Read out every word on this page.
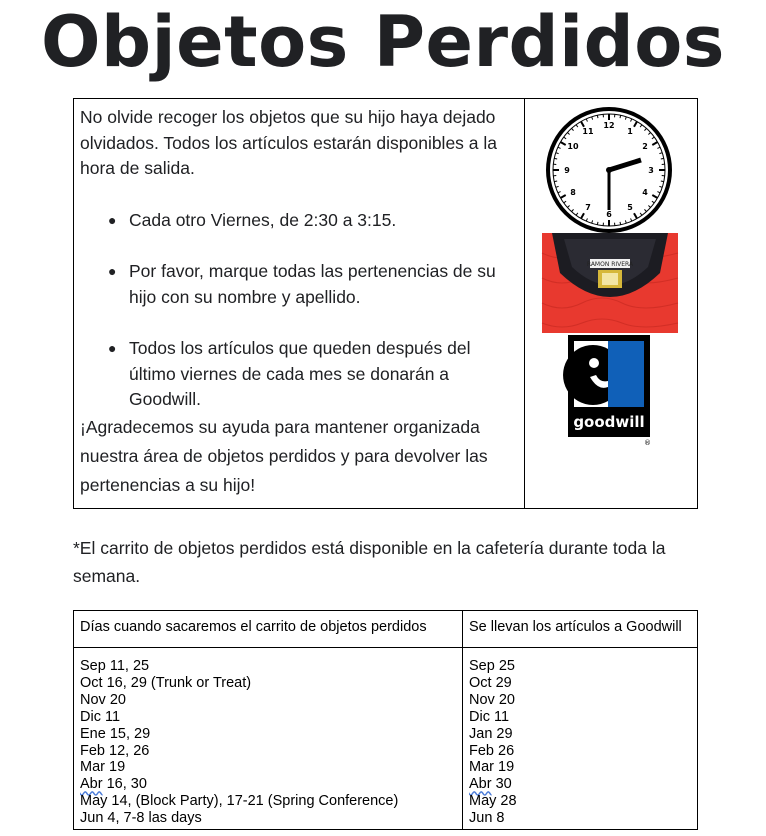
Objetos Perdidos

No olvide recoger los objetos que su hijo haya dejado olvidados. Todos los artículos estarán disponibles a la hora de salida.

● Cada otro Viernes, de 2:30 a 3:15.
● Por favor, marque todas las pertenencias de su hijo con su nombre y apellido.
● Todos los artículos que queden después del último viernes de cada mes se donarán a Goodwill.

¡Agradecemos su ayuda para mantener organizada nuestra área de objetos perdidos y para devolver las pertenencias a su hijo!

12
1
2
3
4
5
6
7
8
9
10
11
RAMON RIVERA
goodwill
®
*El carrito de objetos perdidos está disponible en la cafetería durante toda la semana.
Días cuando sacaremos el carrito de objetos perdidos	Se llevan los artículos a Goodwill
Sep 11, 25
Oct 16, 29 (Trunk or Treat)
Nov 20
Dic 11
Ene 15, 29
Feb 12, 26
Mar 19
Abr 16, 30
May 14, (Block Party), 17-21 (Spring Conference)
Jun 4, 7-8 las days
Sep 25
Oct 29
Nov 20
Dic 11
Jan 29
Feb 26
Mar 19
Abr 30
May 28
Jun 8
